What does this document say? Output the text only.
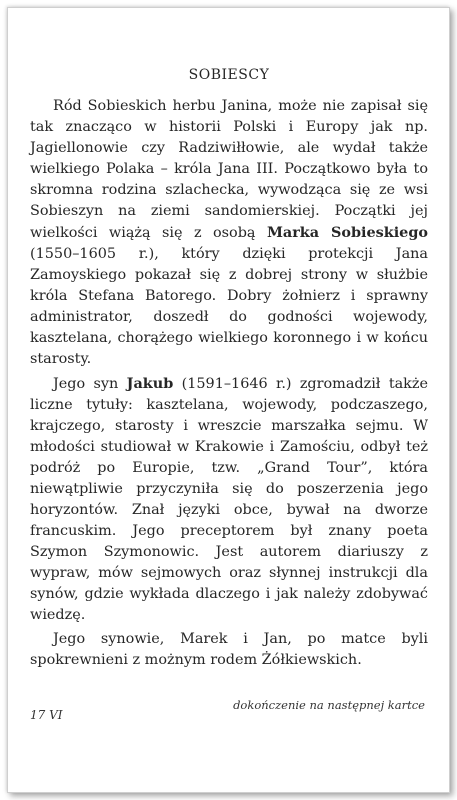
SOBIESCY

Ród Sobieskich herbu Janina, może nie zapisał się tak znacząco w historii Polski i Europy jak np. Jagiellonowie czy Radziwiłłowie, ale wydał także wielkiego Polaka – króla Jana III. Początkowo była to skromna rodzina szlachecka, wywodząca się ze wsi Sobieszyn na ziemi sandomierskiej. Początki jej wielkości wiążą się z osobą Marka Sobieskiego (1550–1605 r.), który dzięki protekcji Jana Zamoyskiego pokazał się z dobrej strony w służbie króla Stefana Batorego. Dobry żołnierz i sprawny administrator, doszedł do godności wojewody, kasztelana, chorążego wielkiego koronnego i w końcu starosty.

Jego syn Jakub (1591–1646 r.) zgromadził także liczne tytuły: kasztelana, wojewody, podczaszego, krajczego, starosty i wreszcie marszałka sejmu. W młodości studiował w Krakowie i Zamościu, odbył też podróż po Europie, tzw. „Grand Tour”, która niewątpliwie przyczyniła się do poszerzenia jego horyzontów. Znał języki obce, bywał na dworze francuskim. Jego preceptorem był znany poeta Szymon Szymonowic. Jest autorem diariuszy z wypraw, mów sejmowych oraz słynnej instrukcji dla synów, gdzie wykłada dlaczego i jak należy zdobywać wiedzę.

Jego synowie, Marek i Jan, po matce byli spokrewnieni z możnym rodem Żółkiewskich.

dokończenie na następnej kartce
17 VI
